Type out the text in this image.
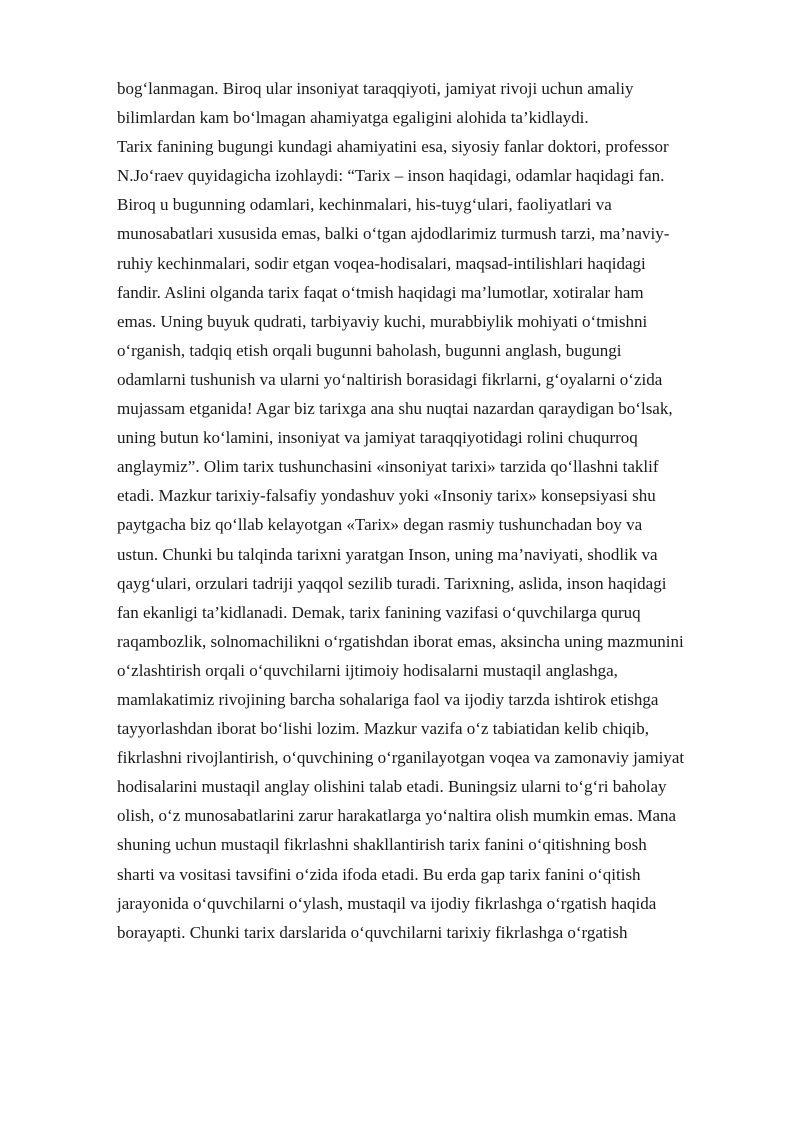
bog‘lanmagan. Biroq ular insoniyat taraqqiyoti, jamiyat rivoji uchun amaliy
bilimlardan kam bo‘lmagan ahamiyatga egaligini alohida ta’kidlaydi.
Tarix fanining bugungi kundagi ahamiyatini esa, siyosiy fanlar doktori, professor
N.Jo‘raev quyidagicha izohlaydi: “Tarix – inson haqidagi, odamlar haqidagi fan.
Biroq u bugunning odamlari, kechinmalari, his-tuyg‘ulari, faoliyatlari va
munosabatlari xususida emas, balki o‘tgan ajdodlarimiz turmush tarzi, ma’naviy-
ruhiy kechinmalari, sodir etgan voqea-hodisalari, maqsad-intilishlari haqidagi
fandir. Aslini olganda tarix faqat o‘tmish haqidagi ma’lumotlar, xotiralar ham
emas. Uning buyuk qudrati, tarbiyaviy kuchi, murabbiylik mohiyati o‘tmishni
o‘rganish, tadqiq etish orqali bugunni baholash, bugunni anglash, bugungi
odamlarni tushunish va ularni yo‘naltirish borasidagi fikrlarni, g‘oyalarni o‘zida
mujassam etganida! Agar biz tarixga ana shu nuqtai nazardan qaraydigan bo‘lsak,
uning butun ko‘lamini, insoniyat va jamiyat taraqqiyotidagi rolini chuqurroq
anglaymiz”. Olim tarix tushunchasini «insoniyat tarixi» tarzida qo‘llashni taklif
etadi. Mazkur tarixiy-falsafiy yondashuv yoki «Insoniy tarix» konsepsiyasi shu
paytgacha biz qo‘llab kelayotgan «Tarix» degan rasmiy tushunchadan boy va
ustun. Chunki bu talqinda tarixni yaratgan Inson, uning ma’naviyati, shodlik va
qayg‘ulari, orzulari tadriji yaqqol sezilib turadi. Tarixning, aslida, inson haqidagi
fan ekanligi ta’kidlanadi. Demak, tarix fanining vazifasi o‘quvchilarga quruq
raqambozlik, solnomachilikni o‘rgatishdan iborat emas, aksincha uning mazmunini
o‘zlashtirish orqali o‘quvchilarni ijtimoiy hodisalarni mustaqil anglashga,
mamlakatimiz rivojining barcha sohalariga faol va ijodiy tarzda ishtirok etishga
tayyorlashdan iborat bo‘lishi lozim. Mazkur vazifa o‘z tabiatidan kelib chiqib,
fikrlashni rivojlantirish, o‘quvchining o‘rganilayotgan voqea va zamonaviy jamiyat
hodisalarini mustaqil anglay olishini talab etadi. Buningsiz ularni to‘g‘ri baholay
olish, o‘z munosabatlarini zarur harakatlarga yo‘naltira olish mumkin emas. Mana
shuning uchun mustaqil fikrlashni shakllantirish tarix fanini o‘qitishning bosh
sharti va vositasi tavsifini o‘zida ifoda etadi. Bu erda gap tarix fanini o‘qitish
jarayonida o‘quvchilarni o‘ylash, mustaqil va ijodiy fikrlashga o‘rgatish haqida
borayapti. Chunki tarix darslarida o‘quvchilarni tarixiy fikrlashga o‘rgatish
